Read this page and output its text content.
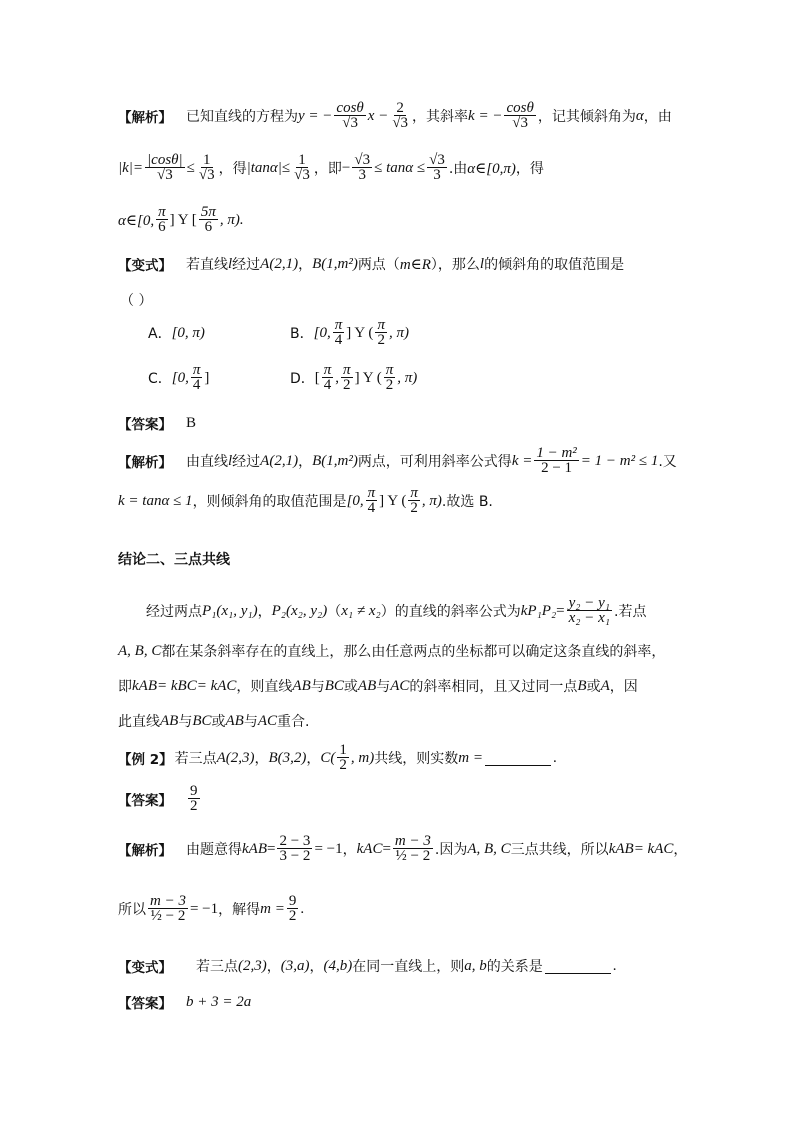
【解析】 已知直线的方程为 y = − $\frac{\cos\theta}{√3}$ $x - \frac{2}{√3}$ ，其斜率 k = − $\frac{\cos\theta}{√3}$ ，记其倾斜角为 α ，由
$|k|= \frac{|\cos\theta|}{√3} \le \frac{1}{√3}$ ，得 $|\tan\alpha|\le \frac{1}{√3}$ ，即 − $\frac{√3}{3} \le \tan\alpha \le \frac{√3}{3}$ .由 α∈[0,π) ，得
α∈[0, $\frac{\pi}{6}$ ] Y [ $\frac{5\pi}{6}$ , π).
【变式】 若直线 l 经过 A(2,1) ， B(1,m²) 两点（ m∈R ），那么 l 的倾斜角的取值范围是
（ ）
A． [0, π)	B． [0, $\frac{\pi}{4}$ ] Y ( $\frac{\pi}{2}$ , π)
C． [0, $\frac{\pi}{4}$ ]	D． [ $\frac{\pi}{4}$ , $\frac{\pi}{2}$ ] Y ( $\frac{\pi}{2}$ , π)
【答案】 B
【解析】 由直线 l 经过 A(2,1) ， B(1,m²) 两点，可利用斜率公式得 $k = \frac{\text{1 − m²}}{2 - 1} = 1 - m^2 \le 1$ .又
k = tanα ≤ 1 ，则倾斜角的取值范围是 [0, $\frac{\pi}{4}$ ] Y ( $\frac{\pi}{2}$ , π) .故选 B.
结论二、三点共线
经过两点 P₁(x₁, y₁) ， P₂(x₂, y₂) （ x₁ ≠ x₂ ）的直线的斜率公式为 k $P_1P_2 = \frac{\text{y₂ − y₁}}{\text{x₂ − x₁}}$ .若点
A, B, C 都在某条斜率存在的直线上，那么由任意两点的坐标都可以确定这条直线的斜率，
即 k AB = k BC = k AC ，则直线 AB 与 BC 或 AB 与 AC 的斜率相同，且又过同一点 B 或 A ，因
此直线 AB 与 BC 或 AB 与 AC 重合.
【例 2】 若三点 A(2,3) ， B(3,2) ， $C( \frac{1}{2}$ , m) 共线，则实数 m =	.
【答案】 $\frac{9}{2}$
【解析】 由题意得 k AB = $\frac{2 - 3}{3 - 2} = -1$ ， k AC = $\frac{m - 3}{\text{½ − 2}}$ .因为 A, B, C 三点共线，所以 k AB = k AC ，
所以 $\frac{m - 3}{\text{½ − 2}} = -1$ ，解得 $m = \frac{9}{2}$ .
【变式】 若三点 (2,3) ， (3,a) ， (4,b) 在同一直线上，则 a, b 的关系是	.
【答案】 b + 3 = 2a
